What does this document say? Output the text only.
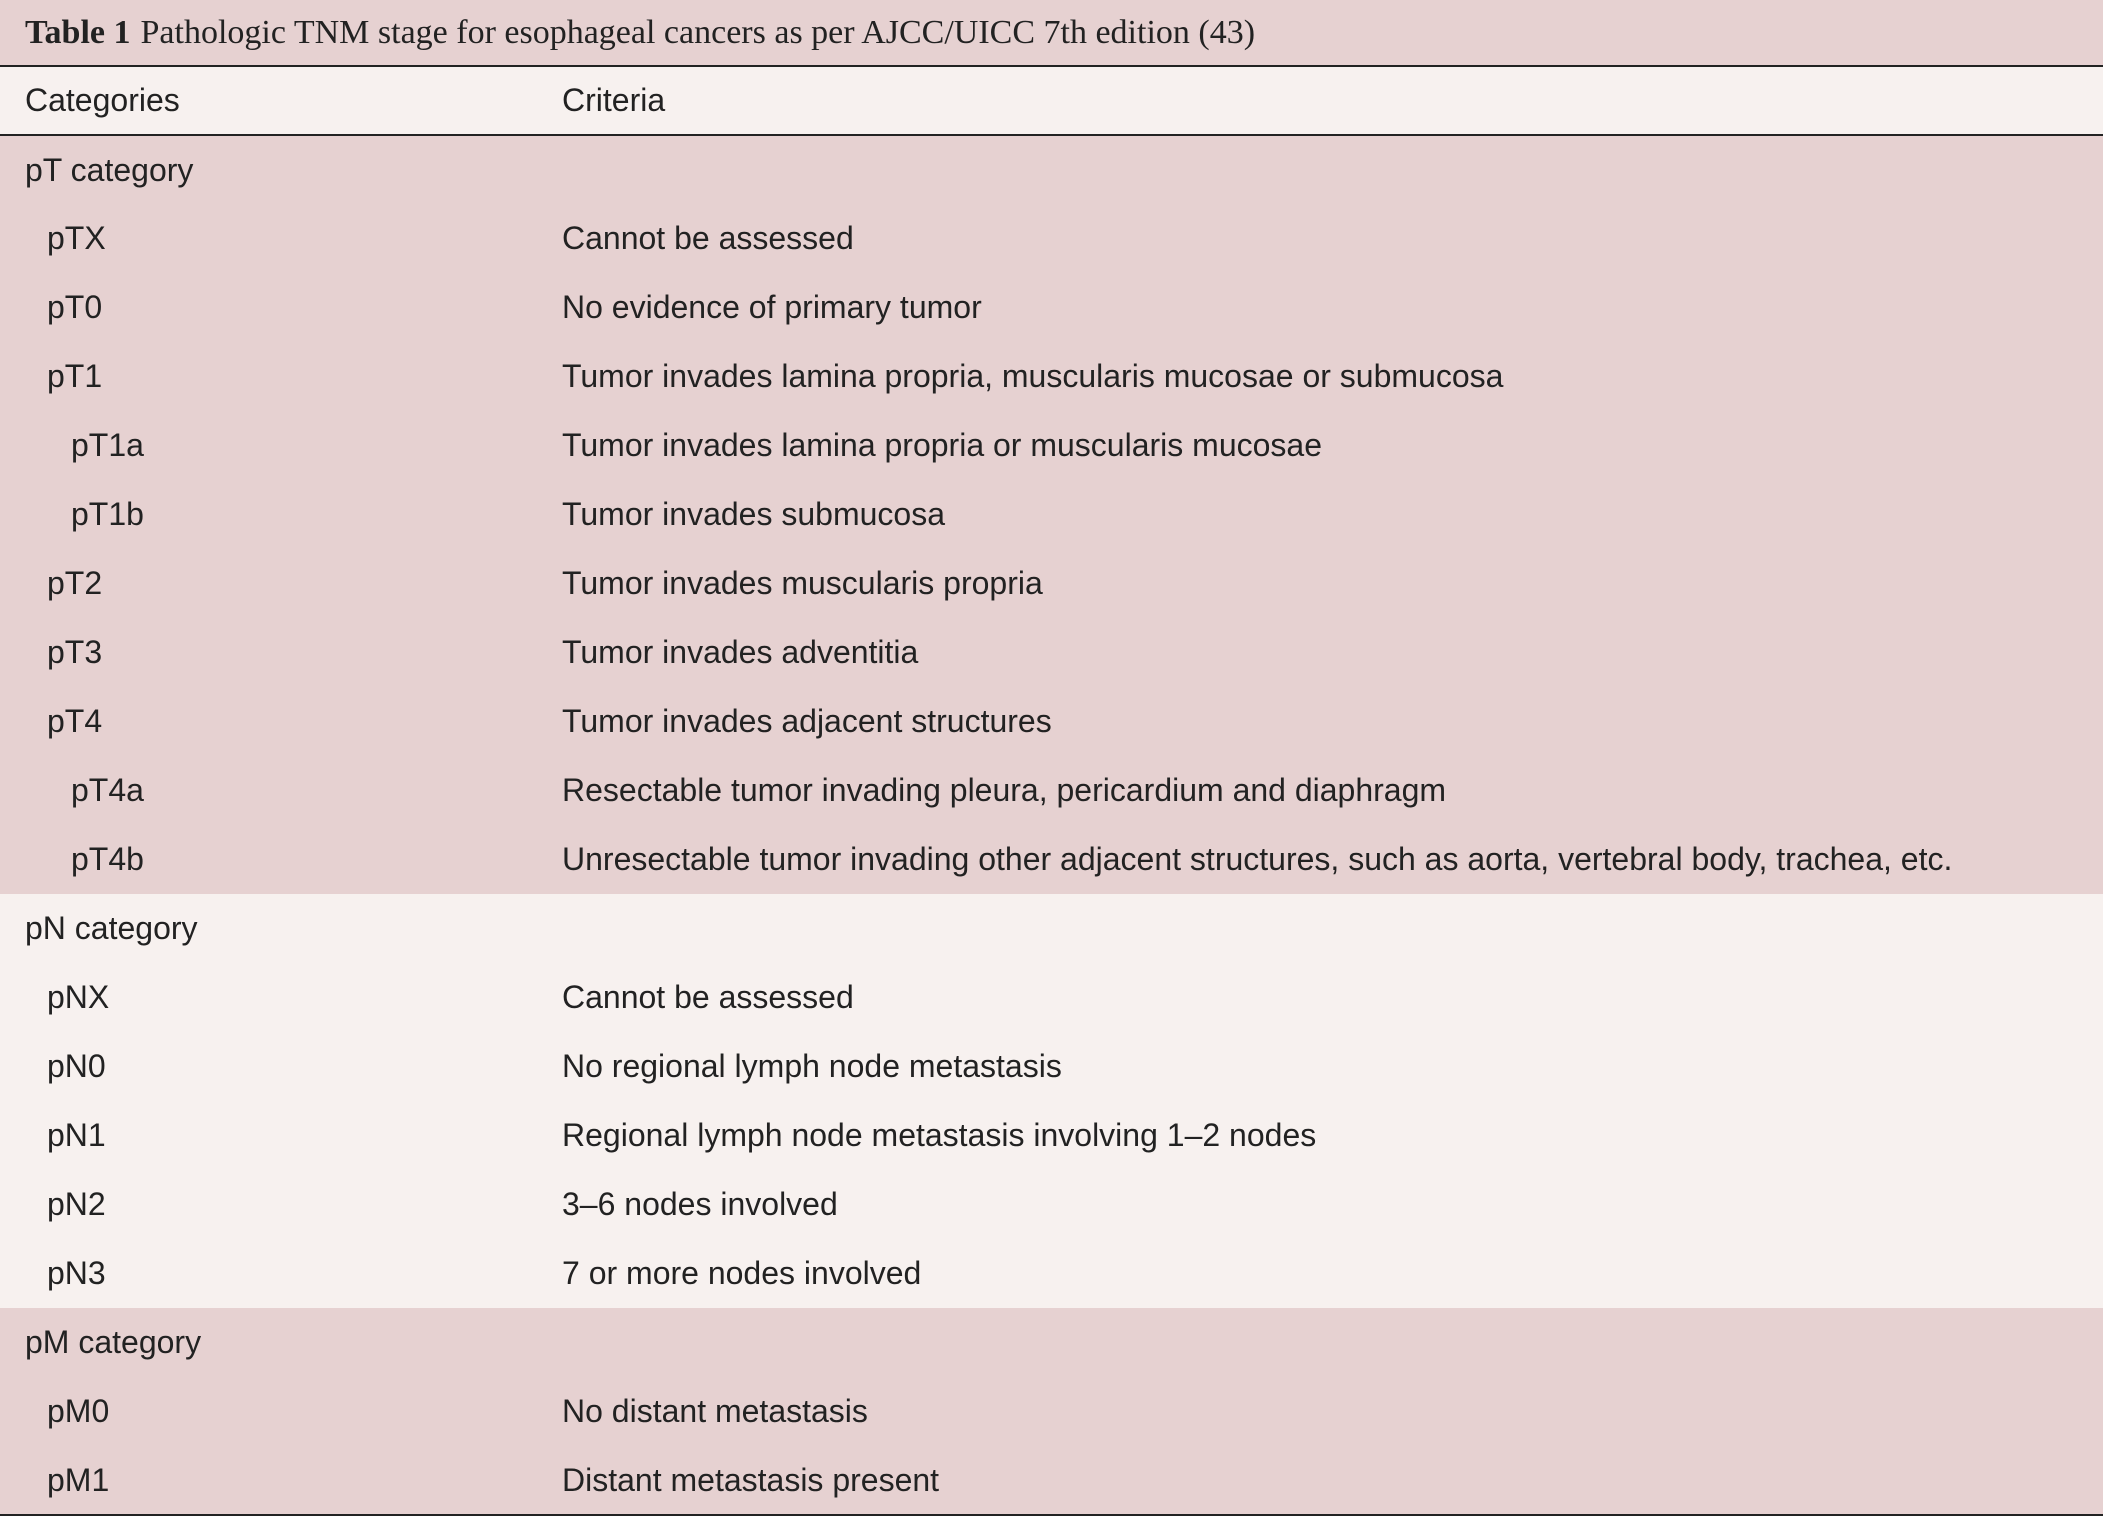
Table 1 Pathologic TNM stage for esophageal cancers as per AJCC/UICC 7th edition (43)
Categories	Criteria
pT category	
pTX	Cannot be assessed
pT0	No evidence of primary tumor
pT1	Tumor invades lamina propria, muscularis mucosae or submucosa
pT1a	Tumor invades lamina propria or muscularis mucosae
pT1b	Tumor invades submucosa
pT2	Tumor invades muscularis propria
pT3	Tumor invades adventitia
pT4	Tumor invades adjacent structures
pT4a	Resectable tumor invading pleura, pericardium and diaphragm
pT4b	Unresectable tumor invading other adjacent structures, such as aorta, vertebral body, trachea, etc.
pN category	
pNX	Cannot be assessed
pN0	No regional lymph node metastasis
pN1	Regional lymph node metastasis involving 1–2 nodes
pN2	3–6 nodes involved
pN3	7 or more nodes involved
pM category	
pM0	No distant metastasis
pM1	Distant metastasis present
